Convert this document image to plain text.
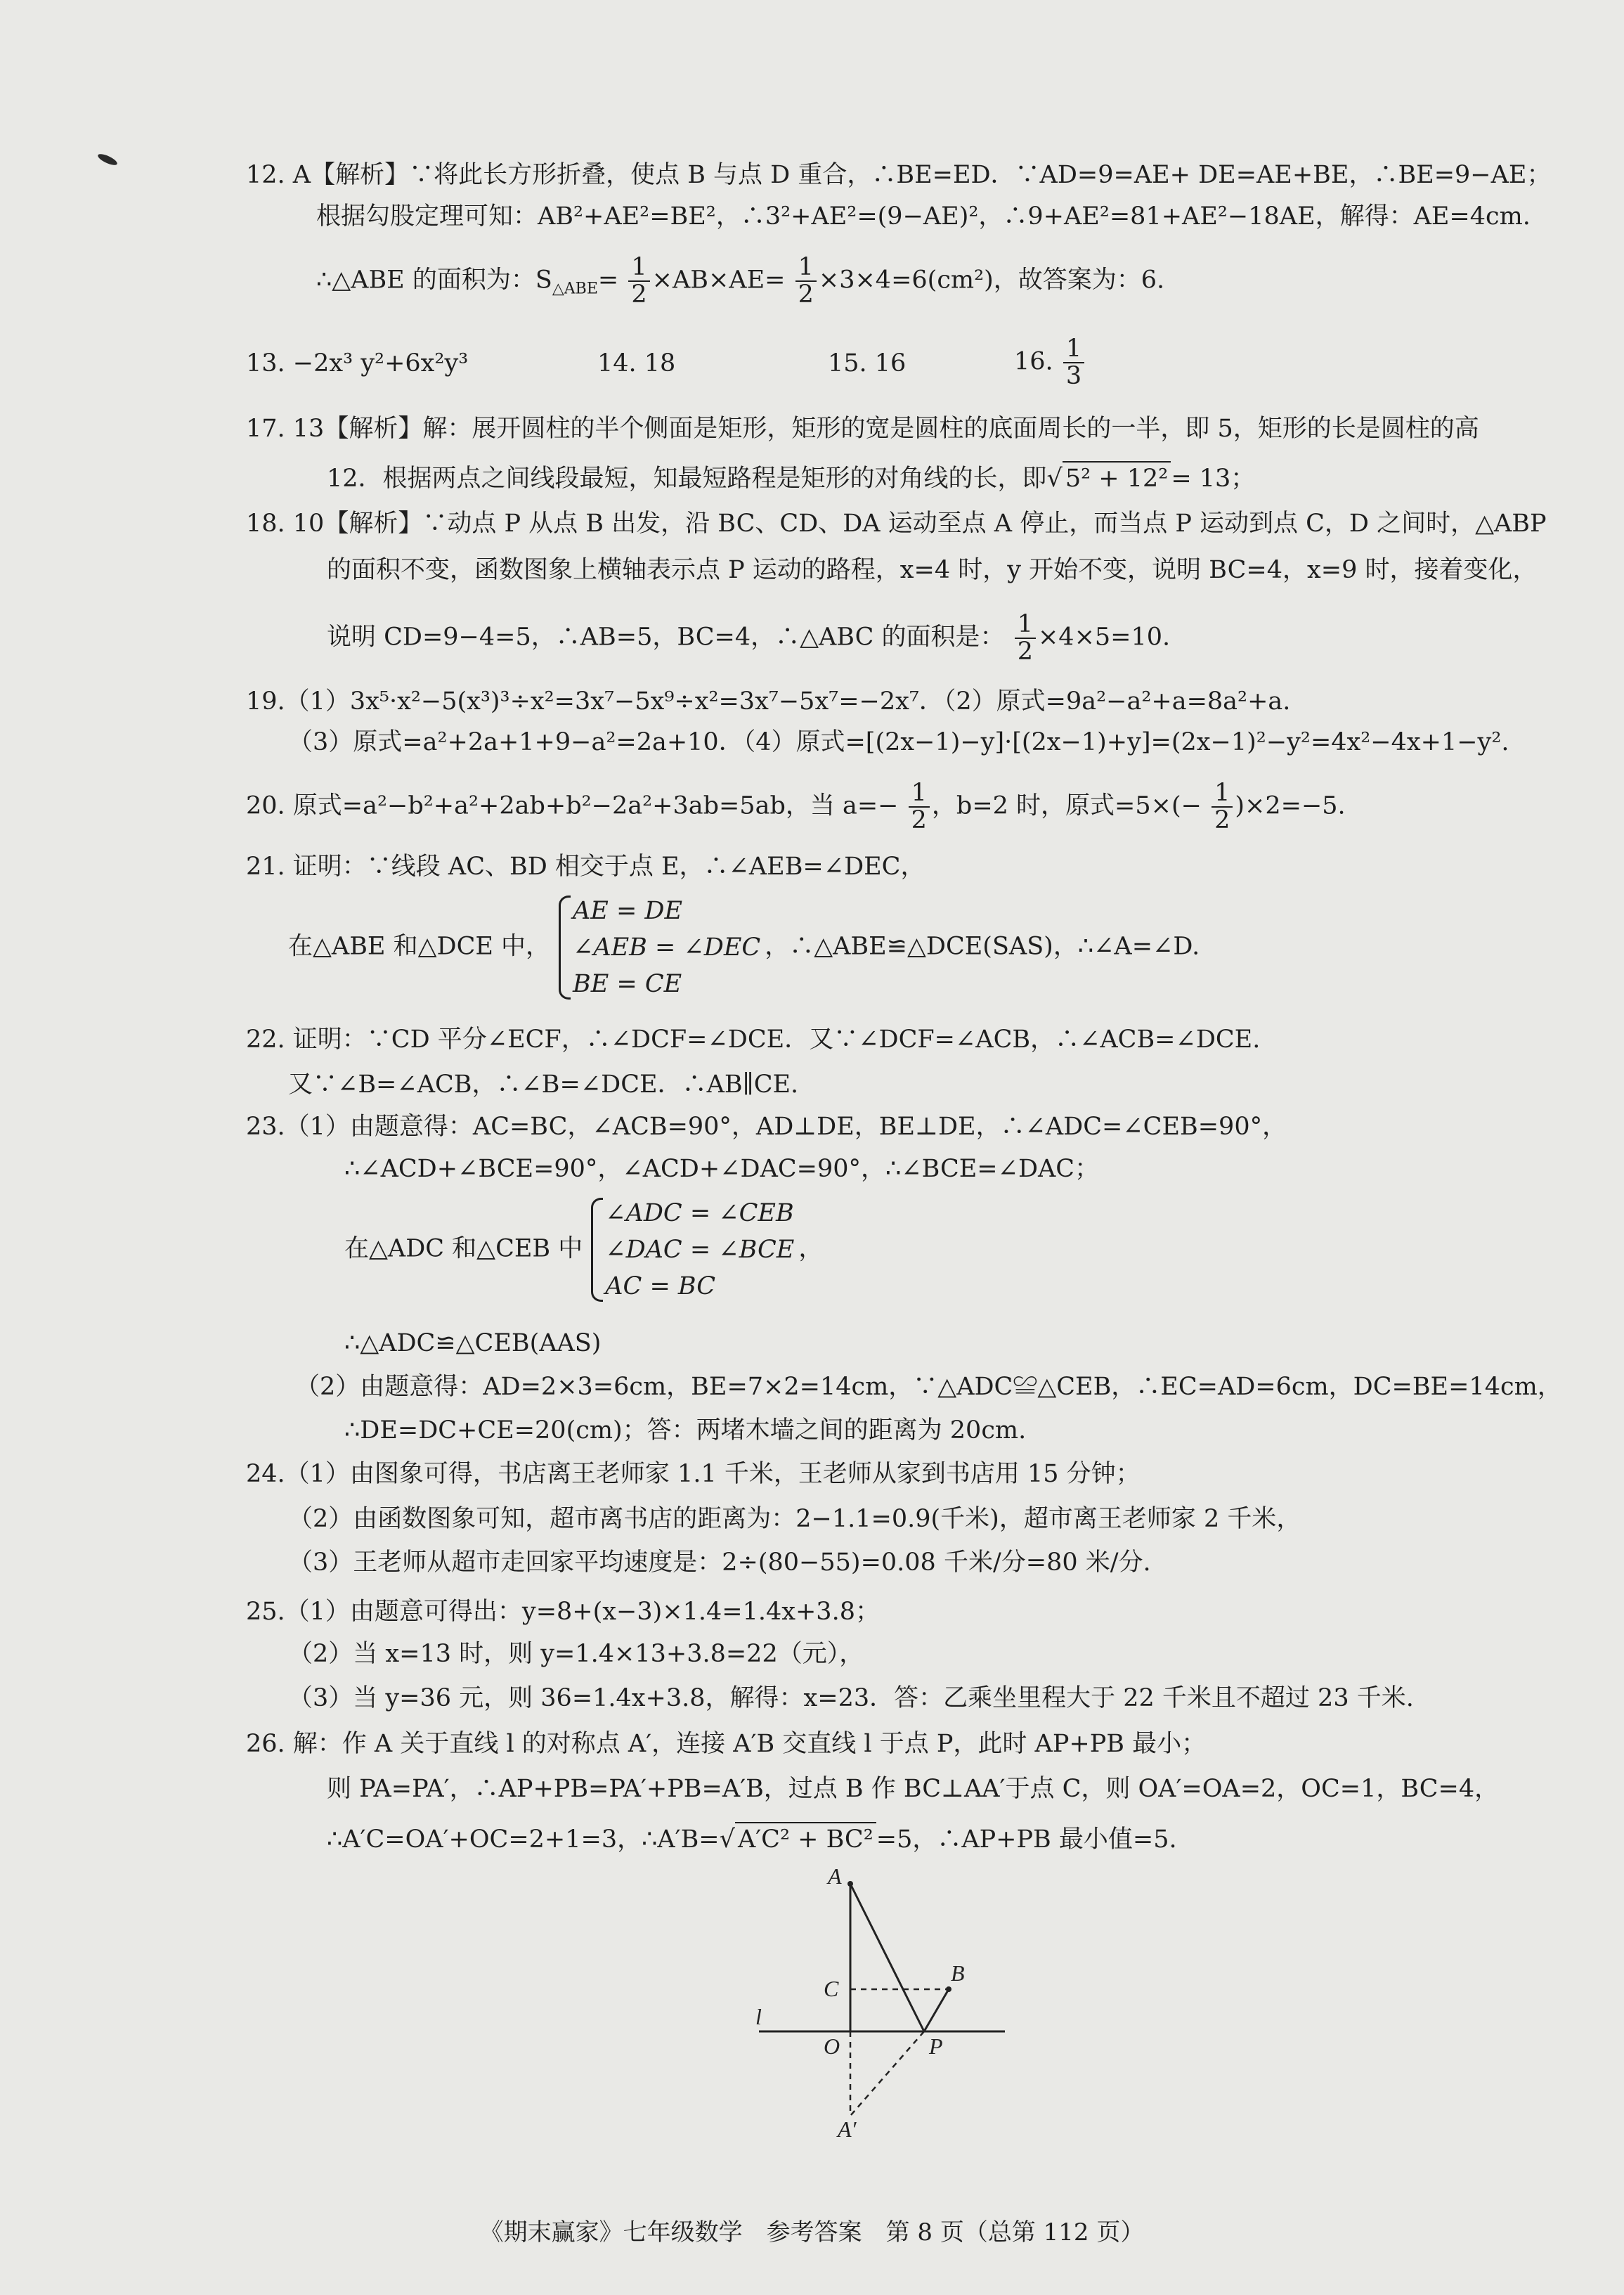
12. A【解析】∵将此长方形折叠，使点 B 与点 D 重合，∴BE=ED．∵AD=9=AE+ DE=AE+BE，∴BE=9−AE；
根据勾股定理可知：AB²+AE²=BE²，∴3²+AE²=(9−AE)²，∴9+AE²=81+AE²−18AE，解得：AE=4cm.
∴△ABE 的面积为：$S_{\triangle ABE}= \frac{1}{2} \times AB\times AE= \frac{1}{2} \times 3\times 4=6(cm^2)$，故答案为：6.
13. −2x³ y²+6x²y³	14. 18	15. 16	16. $\frac{1}{3}$
17. 13【解析】解：展开圆柱的半个侧面是矩形，矩形的宽是圆柱的底面周长的一半，即 5，矩形的长是圆柱的高
12．根据两点之间线段最短，知最短路程是矩形的对角线的长，即√ 5² + 12² = 13；
18. 10【解析】∵动点 P 从点 B 出发，沿 BC、CD、DA 运动至点 A 停止，而当点 P 运动到点 C，D 之间时，△ABP
的面积不变，函数图象上横轴表示点 P 运动的路程，x=4 时，y 开始不变，说明 BC=4，x=9 时，接着变化，
说明 CD=9−4=5，∴AB=5，BC=4，∴△ABC 的面积是： $\frac{1}{2} \times 4\times 5=10$.
19.（1）3x⁵·x²−5(x³)³÷x²=3x⁷−5x⁹÷x²=3x⁷−5x⁷=−2x⁷．（2）原式=9a²−a²+a=8a²+a.
（3）原式=a²+2a+1+9−a²=2a+10．（4）原式=[(2x−1)−y]·[(2x−1)+y]=(2x−1)²−y²=4x²−4x+1−y².
20. 原式=a²−b²+a²+2ab+b²−2a²+3ab=5ab，当 $a=- \frac{1}{2}$ ，b=2 时，原式$=5\times(- \frac{1}{2} )\times 2=-5$.
21. 证明：∵线段 AC、BD 相交于点 E，∴∠AEB=∠DEC，
在△ABE 和△DCE 中，
AE = DE
∠AEB = ∠DEC
BE = CE
，∴△ABE≌△DCE(SAS)，∴∠A=∠D.
22. 证明：∵CD 平分∠ECF，∴∠DCF=∠DCE．又∵∠DCF=∠ACB，∴∠ACB=∠DCE.
又∵∠B=∠ACB，∴∠B=∠DCE．∴AB∥CE.
23.（1）由题意得：AC=BC，∠ACB=90°，AD⊥DE，BE⊥DE，∴∠ADC=∠CEB=90°，
∴∠ACD+∠BCE=90°，∠ACD+∠DAC=90°，∴∠BCE=∠DAC；
在△ADC 和△CEB 中
∠ADC = ∠CEB
∠DAC = ∠BCE
AC = BC
，
∴△ADC≌△CEB(AAS)
（2）由题意得：AD=2×3=6cm，BE=7×2=14cm，∵△ADC≌△CEB，∴EC=AD=6cm，DC=BE=14cm，
∴DE=DC+CE=20(cm)；答：两堵木墙之间的距离为 20cm.
24.（1）由图象可得，书店离王老师家 1.1 千米，王老师从家到书店用 15 分钟；
（2）由函数图象可知，超市离书店的距离为：2−1.1=0.9(千米)，超市离王老师家 2 千米，
（3）王老师从超市走回家平均速度是：2÷(80−55)=0.08 千米/分=80 米/分.
25.（1）由题意可得出：y=8+(x−3)×1.4=1.4x+3.8；
（2）当 x=13 时，则 y=1.4×13+3.8=22（元），
（3）当 y=36 元，则 36=1.4x+3.8，解得：x=23．答：乙乘坐里程大于 22 千米且不超过 23 千米.
26. 解：作 A 关于直线 l 的对称点 A′，连接 A′B 交直线 l 于点 P，此时 AP+PB 最小；
则 PA=PA′，∴AP+PB=PA′+PB=A′B，过点 B 作 BC⊥AA′于点 C，则 OA′=OA=2，OC=1，BC=4，
∴A′C=OA′+OC=2+1=3，∴A′B=√ A′C² + BC² =5，∴AP+PB 最小值=5.
A
B
C
l
O	P
A′
《期末赢家》七年级数学　参考答案　第 8 页（总第 112 页）
